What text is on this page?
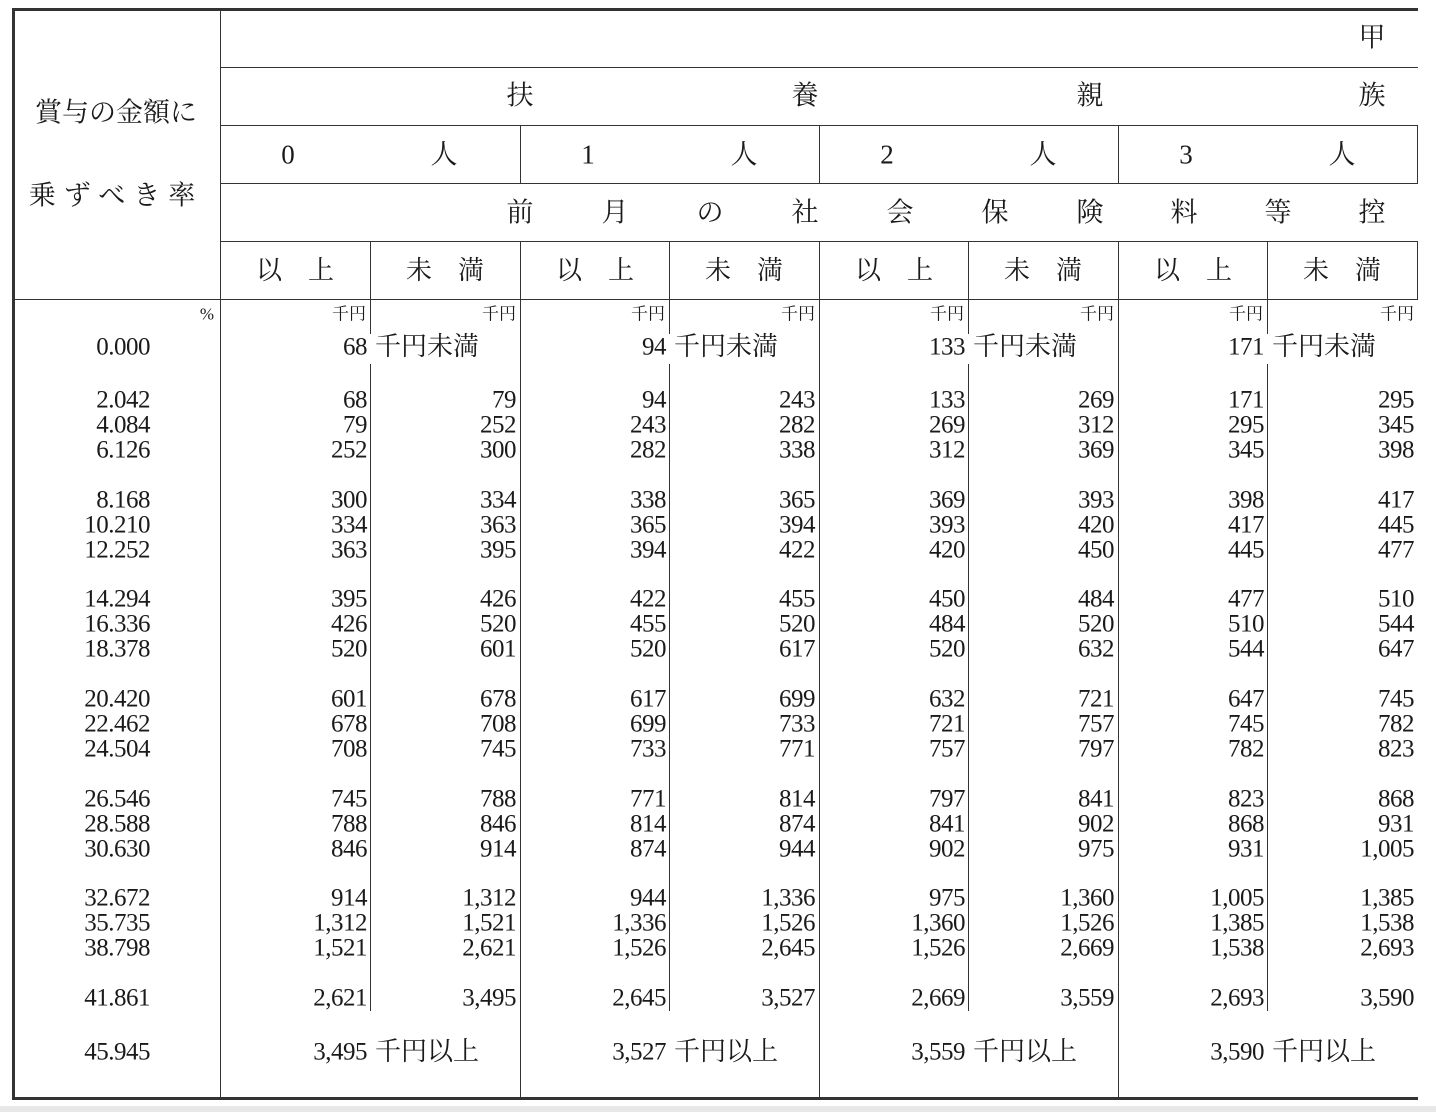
賞与の金額に
乗ずべき率
甲
扶	養	親	族
0	人	1	人	2	人	3	人
前	月	の	社	会	保	険 料 等 控
以　上	未　満	以　上	未　満	以　上	未　満	以　上	未　満
%	千円	千円	千円	千円	千円	千円	千円	千円
0.000	68 千円未満	94 千円未満	133 千円未満	171 千円未満
2.042	68	79	94	243	133	269	171	295
4.084	79	252	243	282	269	312	295	345
6.126	252	300	282	338	312	369	345	398
8.168	300	334	338	365	369	393	398	417
10.210	334	363	365	394	393	420	417	445
12.252	363	395	394	422	420	450	445	477
14.294	395	426	422	455	450	484	477	510
16.336	426	520	455	520	484	520	510	544
18.378	520	601	520	617	520	632	544	647
20.420	601	678	617	699	632	721	647	745
22.462	678	708	699	733	721	757	745	782
24.504	708	745	733	771	757	797	782	823
26.546	745	788	771	814	797	841	823	868
28.588	788	846	814	874	841	902	868	931
30.630	846	914	874	944	902	975	931	1,005
32.672	914	1,312	944	1,336	975	1,360	1,005	1,385
35.735	1,312	1,521	1,336	1,526	1,360	1,526	1,385	1,538
38.798	1,521	2,621	1,526	2,645	1,526	2,669	1,538	2,693
41.861	2,621	3,495	2,645	3,527	2,669	3,559	2,693	3,590
45.945	3,495 千円以上	3,527 千円以上	3,559 千円以上	3,590 千円以上
